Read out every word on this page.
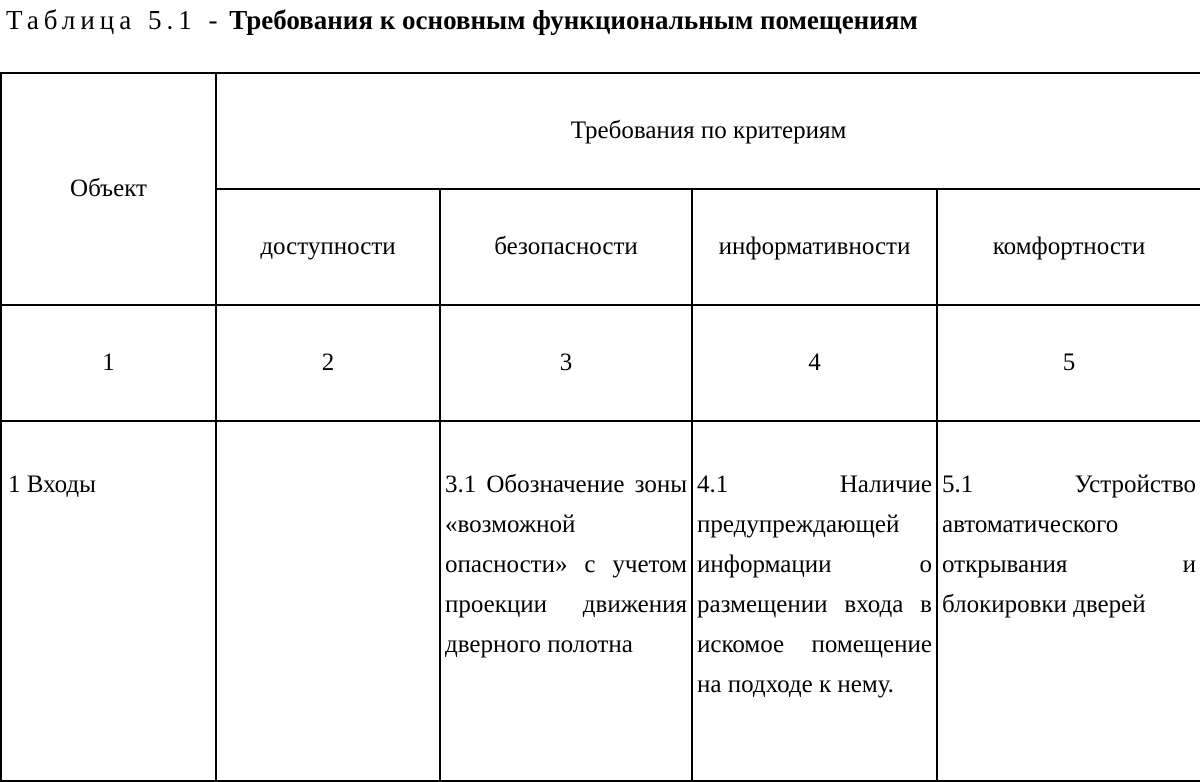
Таблица 5.1 - Требования к основным функциональным помещениям
Объект	Требования по критериям			
	доступности	безопасности	информативности	комфортности
1	2	3	4	5
1 Входы		3.1 Обозначение зоны «возможной опасности» с учетом проекции движения дверного полотна	4.1 Наличие предупреждающей информации о размещении входа в искомое помещение на подходе к нему.	5.1 Устройство автоматического открывания и блокировки дверей
